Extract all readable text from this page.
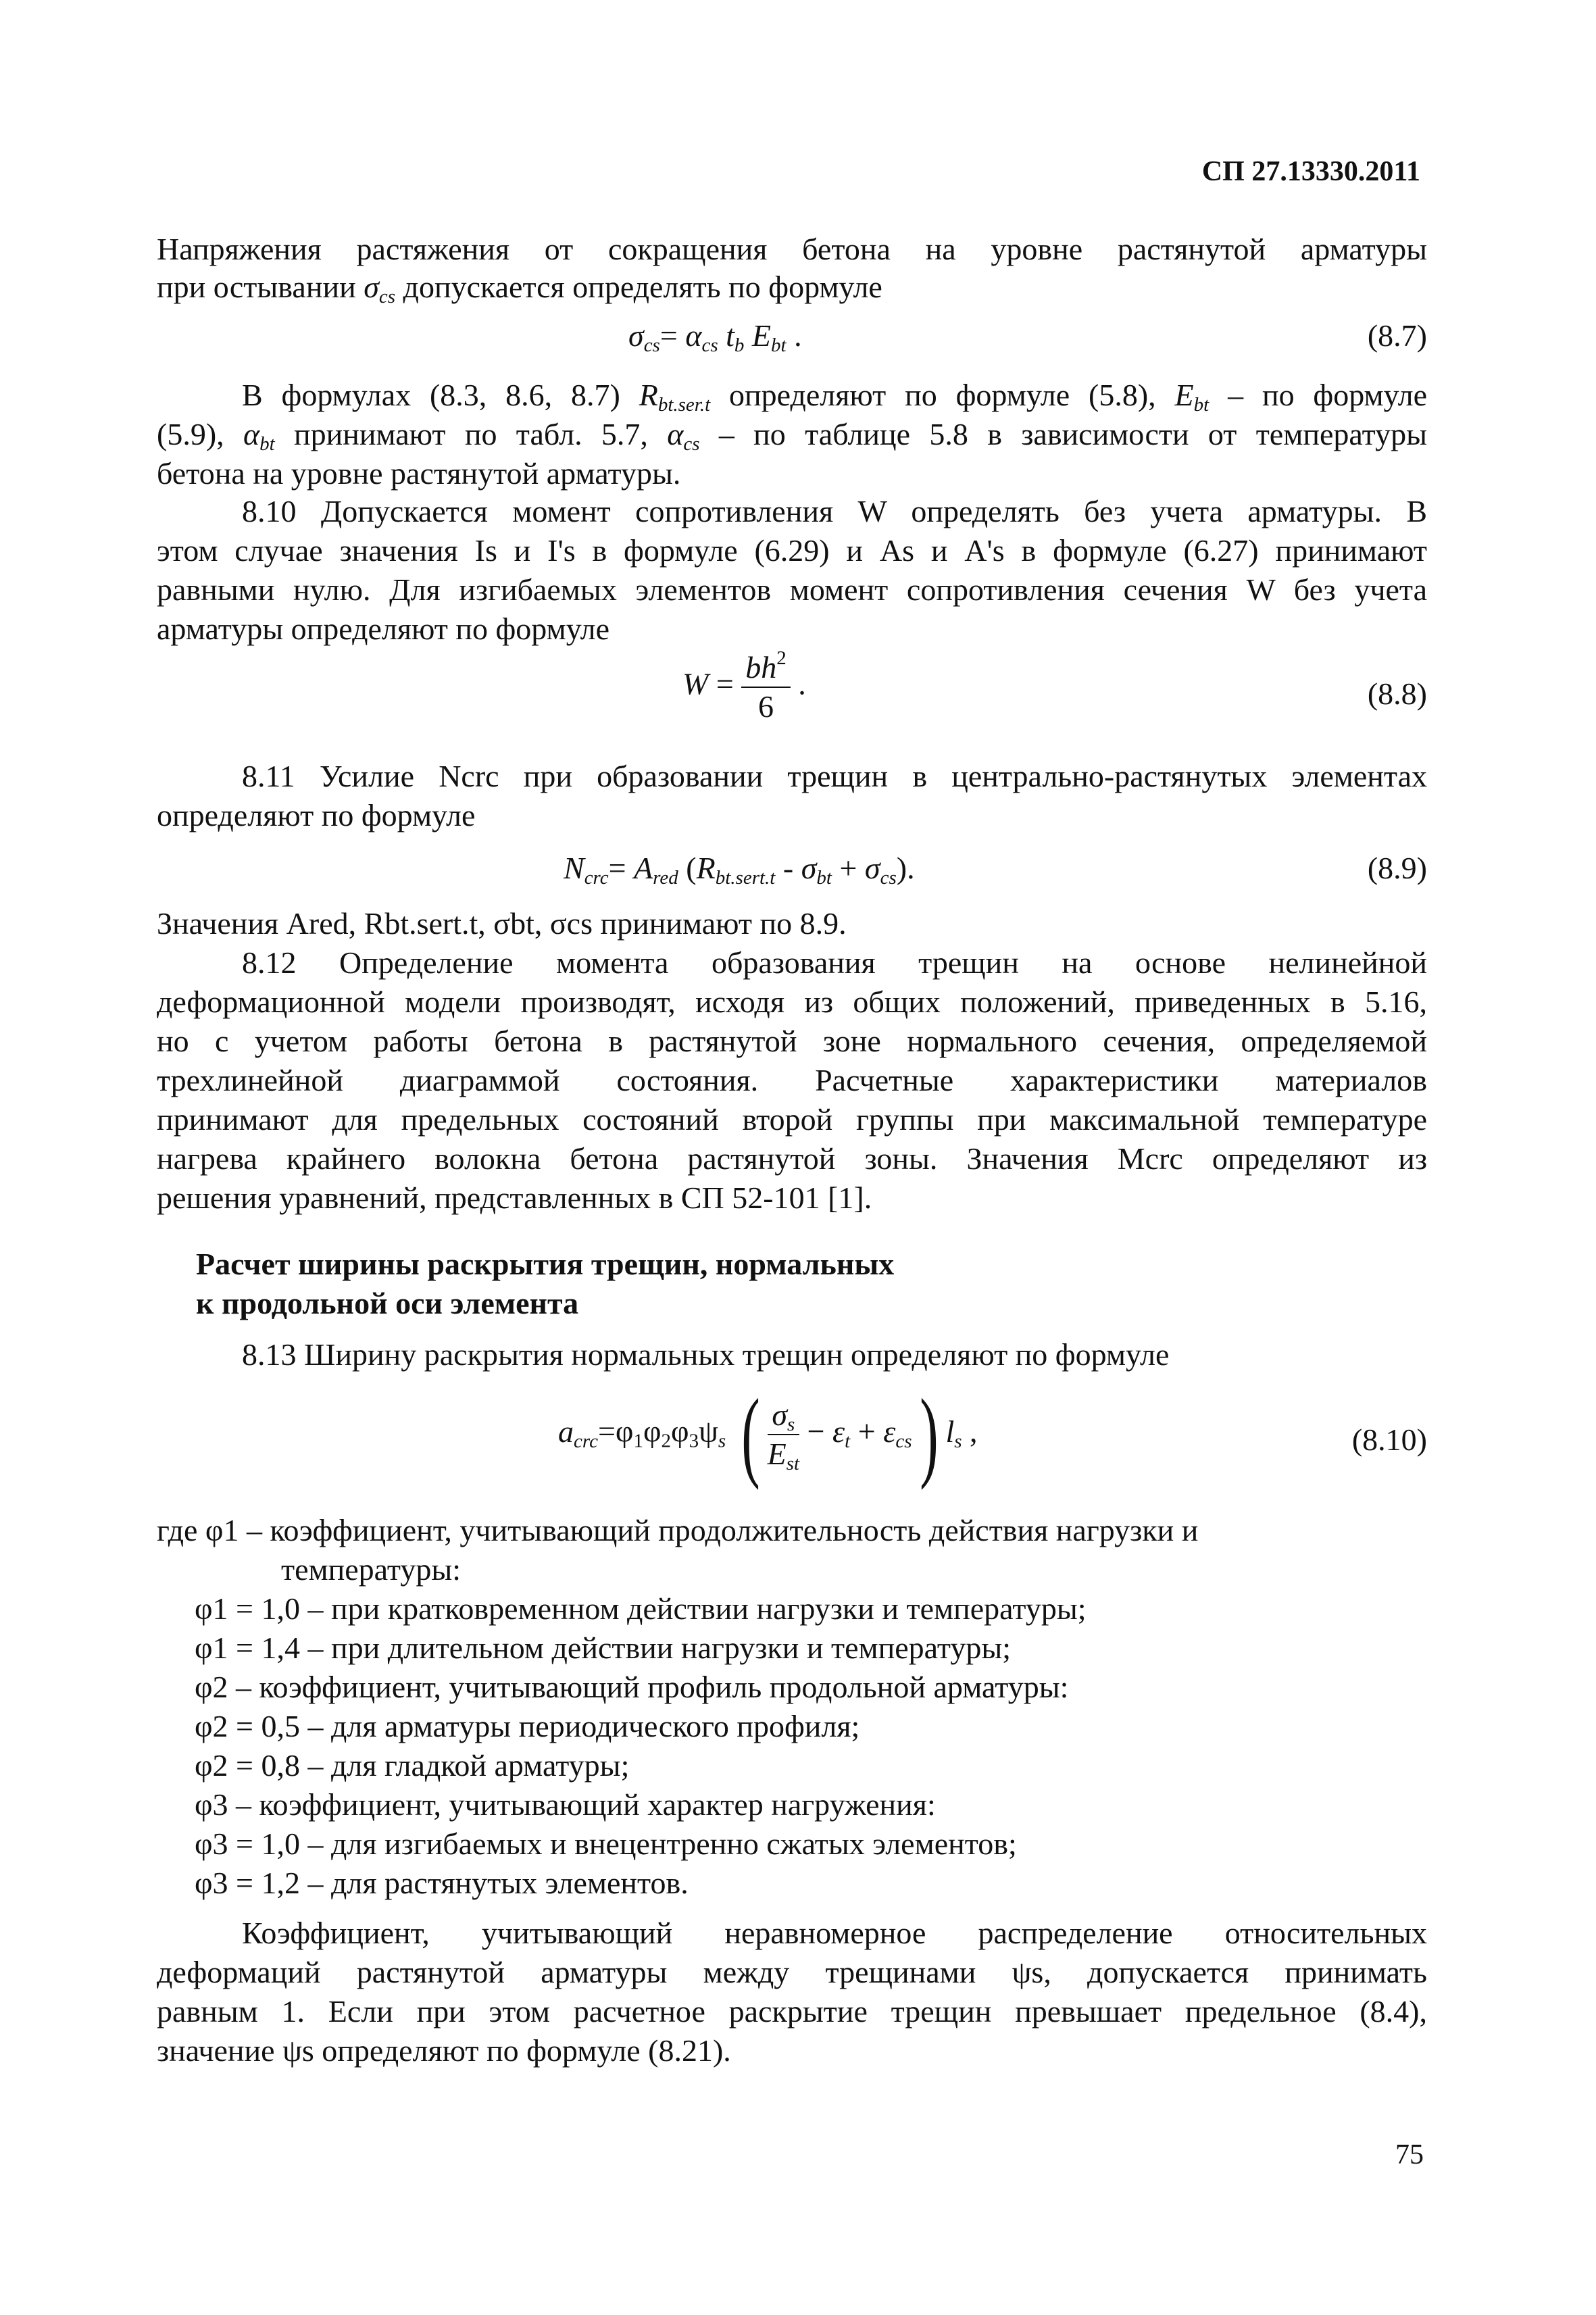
СП 27.13330.2011
Напряжения растяжения от сокращения бетона на уровне растянутой арматуры
при остывании $\sigma_{cs}$ допускается определять по формуле
$\sigma_{cs}= \alpha_{cs}$ $t_b$ $E_{bt}$ .	(8.7)
В формулах (8.3, 8.6, 8.7) $R_{bt.ser.t}$ определяют по формуле (5.8), $E_{bt}$ – по формуле
(5.9), $\alpha_{bt}$ принимают по табл. 5.7, $\alpha_{cs}$ – по таблице 5.8 в зависимости от температуры
бетона на уровне растянутой арматуры.
8.10 Допускается момент сопротивления W определять без учета арматуры. В
этом случае значения Is и I's в формуле (6.29) и As и A's в формуле (6.27) принимают
равными нулю. Для изгибаемых элементов момент сопротивления сечения W без учета
арматуры определяют по формуле
$W = \frac{bh^2}{6}$ .	(8.8)
8.11 Усилие Ncrc при образовании трещин в центрально-растянутых элементах
определяют по формуле
$N_{crc}= A_{red}$ $(R_{bt.sert.t} - \sigma_{bt} + \sigma_{cs})$.	(8.9)
Значения Ared, Rbt.sert.t, σbt, σcs принимают по 8.9.
8.12 Определение момента образования трещин на основе нелинейной
деформационной модели производят, исходя из общих положений, приведенных в 5.16,
но с учетом работы бетона в растянутой зоне нормального сечения, определяемой
трехлинейной диаграммой состояния. Расчетные характеристики материалов
принимают для предельных состояний второй группы при максимальной температуре
нагрева крайнего волокна бетона растянутой зоны. Значения Mcrc определяют из
решения уравнений, представленных в СП 52-101 [1].
Расчет ширины раскрытия трещин, нормальных
к продольной оси элемента
8.13 Ширину раскрытия нормальных трещин определяют по формуле
$a_{crc}=\varphi_1\varphi_2\varphi_3\psi_s$ ( $\frac{\sigma_s}{E_{st}} - \varepsilon_t + \varepsilon_{cs}$) $l_s$ ,	(8.10)
где φ1 – коэффициент, учитывающий продолжительность действия нагрузки и
температуры:
φ1 = 1,0 – при кратковременном действии нагрузки и температуры;
φ1 = 1,4 – при длительном действии нагрузки и температуры;
φ2 – коэффициент, учитывающий профиль продольной арматуры:
φ2 = 0,5 – для арматуры периодического профиля;
φ2 = 0,8 – для гладкой арматуры;
φ3 – коэффициент, учитывающий характер нагружения:
φ3 = 1,0 – для изгибаемых и внецентренно сжатых элементов;
φ3 = 1,2 – для растянутых элементов.
Коэффициент, учитывающий неравномерное распределение относительных
деформаций растянутой арматуры между трещинами ψs, допускается принимать
равным 1. Если при этом расчетное раскрытие трещин превышает предельное (8.4),
значение ψs определяют по формуле (8.21).
75
